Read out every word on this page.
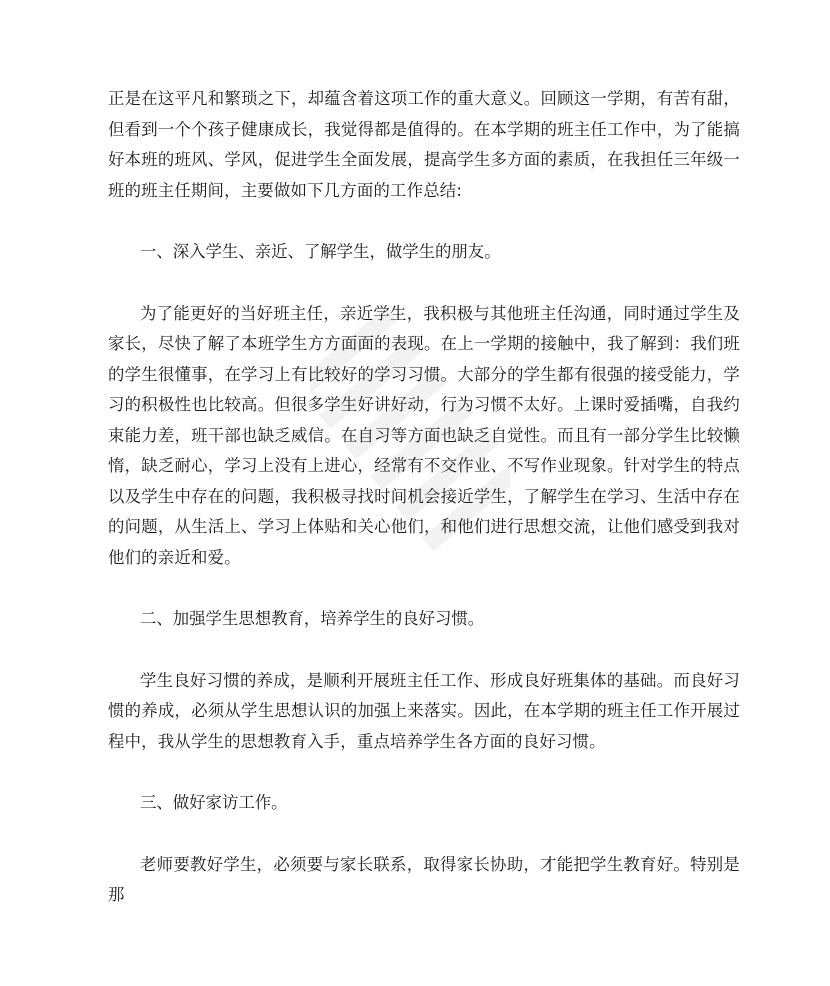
正是在这平凡和繁琐之下，却蕴含着这项工作的重大意义。回顾这一学期，有苦有甜，但看到一个个孩子健康成长，我觉得都是值得的。在本学期的班主任工作中，为了能搞好本班的班风、学风，促进学生全面发展，提高学生多方面的素质，在我担任三年级一班的班主任期间，主要做如下几方面的工作总结:

一、深入学生、亲近、了解学生，做学生的朋友。

为了能更好的当好班主任，亲近学生，我积极与其他班主任沟通，同时通过学生及家长，尽快了解了本班学生方方面面的表现。在上一学期的接触中，我了解到：我们班的学生很懂事，在学习上有比较好的学习习惯。大部分的学生都有很强的接受能力，学习的积极性也比较高。但很多学生好讲好动，行为习惯不太好。上课时爱插嘴，自我约束能力差，班干部也缺乏威信。在自习等方面也缺乏自觉性。而且有一部分学生比较懒惰，缺乏耐心，学习上没有上进心，经常有不交作业、不写作业现象。针对学生的特点以及学生中存在的问题，我积极寻找时间机会接近学生，了解学生在学习、生活中存在的问题，从生活上、学习上体贴和关心他们，和他们进行思想交流，让他们感受到我对他们的亲近和爱。

二、加强学生思想教育，培养学生的良好习惯。

学生良好习惯的养成，是顺利开展班主任工作、形成良好班集体的基础。而良好习惯的养成，必须从学生思想认识的加强上来落实。因此，在本学期的班主任工作开展过程中，我从学生的思想教育入手，重点培养学生各方面的良好习惯。

三、做好家访工作。

老师要教好学生，必须要与家长联系，取得家长协助，才能把学生教育好。特别是那
